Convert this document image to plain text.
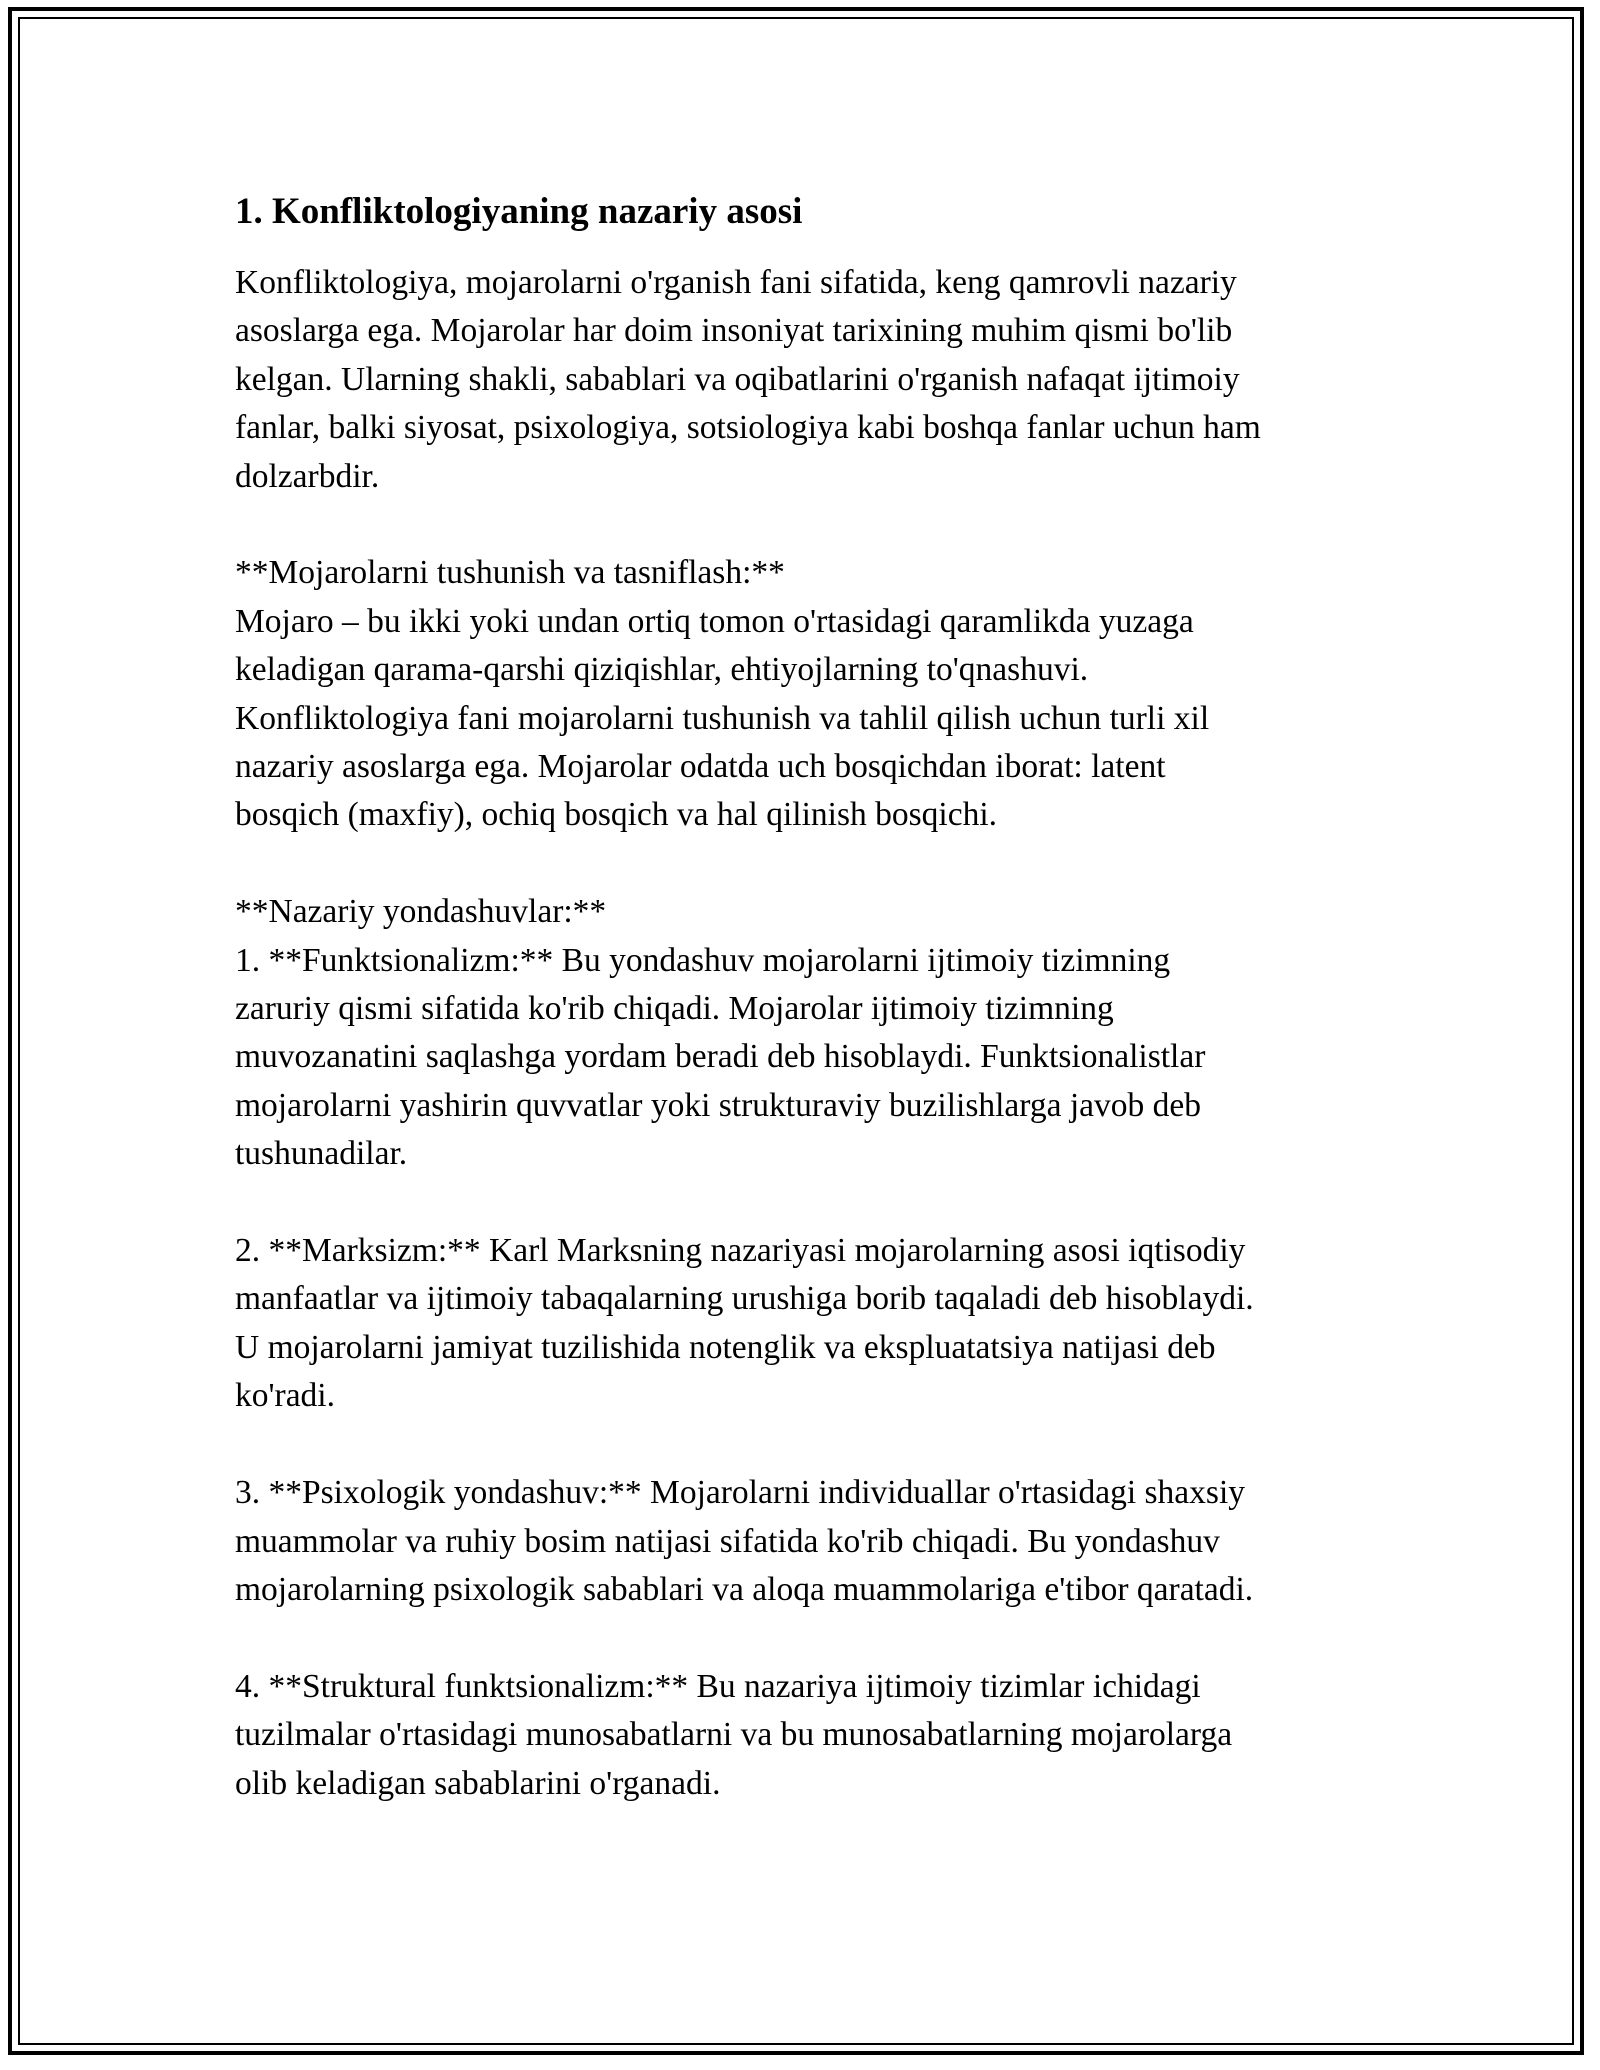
1. Konfliktologiyaning nazariy asosi

Konfliktologiya, mojarolarni o'rganish fani sifatida, keng qamrovli nazariy
asoslarga ega. Mojarolar har doim insoniyat tarixining muhim qismi bo'lib
kelgan. Ularning shakli, sabablari va oqibatlarini o'rganish nafaqat ijtimoiy
fanlar, balki siyosat, psixologiya, sotsiologiya kabi boshqa fanlar uchun ham
dolzarbdir.

**Mojarolarni tushunish va tasniflash:**
Mojaro – bu ikki yoki undan ortiq tomon o'rtasidagi qaramlikda yuzaga
keladigan qarama-qarshi qiziqishlar, ehtiyojlarning to'qnashuvi.
Konfliktologiya fani mojarolarni tushunish va tahlil qilish uchun turli xil
nazariy asoslarga ega. Mojarolar odatda uch bosqichdan iborat: latent
bosqich (maxfiy), ochiq bosqich va hal qilinish bosqichi.

**Nazariy yondashuvlar:**
1. **Funktsionalizm:** Bu yondashuv mojarolarni ijtimoiy tizimning
zaruriy qismi sifatida ko'rib chiqadi. Mojarolar ijtimoiy tizimning
muvozanatini saqlashga yordam beradi deb hisoblaydi. Funktsionalistlar
mojarolarni yashirin quvvatlar yoki strukturaviy buzilishlarga javob deb
tushunadilar.

2. **Marksizm:** Karl Marksning nazariyasi mojarolarning asosi iqtisodiy
manfaatlar va ijtimoiy tabaqalarning urushiga borib taqaladi deb hisoblaydi.
U mojarolarni jamiyat tuzilishida notenglik va ekspluatatsiya natijasi deb
ko'radi.

3. **Psixologik yondashuv:** Mojarolarni individuallar o'rtasidagi shaxsiy
muammolar va ruhiy bosim natijasi sifatida ko'rib chiqadi. Bu yondashuv
mojarolarning psixologik sabablari va aloqa muammolariga e'tibor qaratadi.

4. **Struktural funktsionalizm:** Bu nazariya ijtimoiy tizimlar ichidagi
tuzilmalar o'rtasidagi munosabatlarni va bu munosabatlarning mojarolarga
olib keladigan sabablarini o'rganadi.
